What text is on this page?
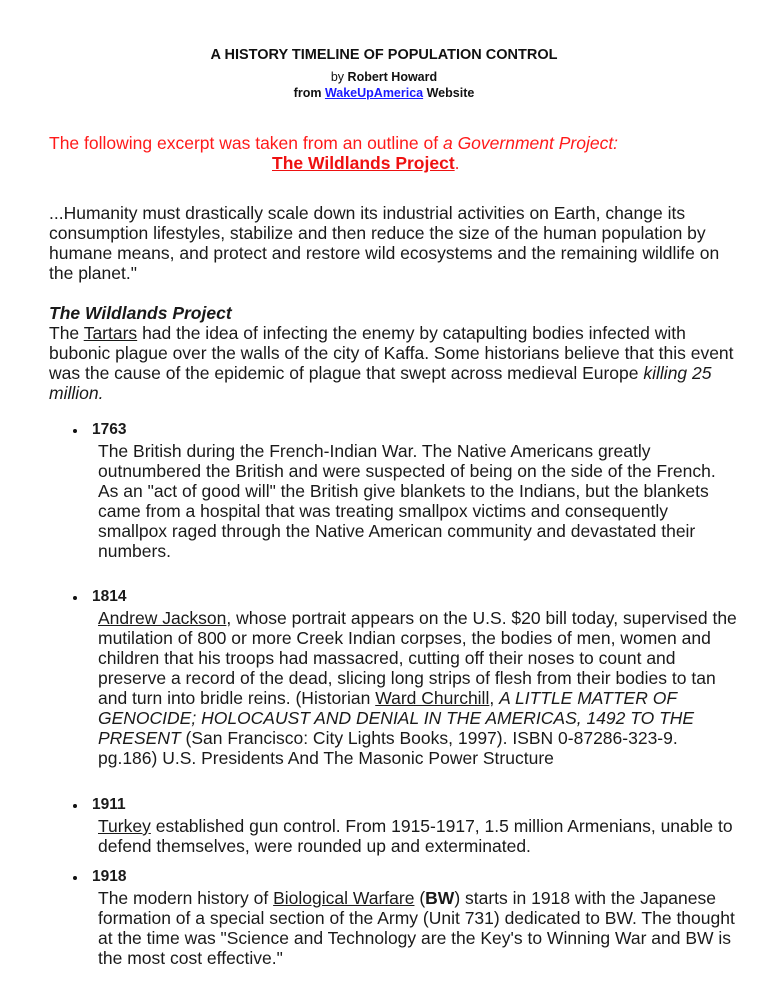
A HISTORY TIMELINE OF POPULATION CONTROL
by Robert Howard
from WakeUpAmerica Website
The following excerpt was taken from an outline of a Government Project:
The Wildlands Project.
...Humanity must drastically scale down its industrial activities on Earth, change its consumption lifestyles, stabilize and then reduce the size of the human population by humane means, and protect and restore wild ecosystems and the remaining wildlife on the planet."
The Wildlands Project
The Tartars had the idea of infecting the enemy by catapulting bodies infected with bubonic plague over the walls of the city of Kaffa. Some historians believe that this event was the cause of the epidemic of plague that swept across medieval Europe killing 25 million.
1763
The British during the French-Indian War. The Native Americans greatly outnumbered the British and were suspected of being on the side of the French. As an "act of good will" the British give blankets to the Indians, but the blankets came from a hospital that was treating smallpox victims and consequently smallpox raged through the Native American community and devastated their numbers.
1814
Andrew Jackson, whose portrait appears on the U.S. $20 bill today, supervised the mutilation of 800 or more Creek Indian corpses, the bodies of men, women and children that his troops had massacred, cutting off their noses to count and preserve a record of the dead, slicing long strips of flesh from their bodies to tan and turn into bridle reins. (Historian Ward Churchill, A LITTLE MATTER OF GENOCIDE; HOLOCAUST AND DENIAL IN THE AMERICAS, 1492 TO THE PRESENT (San Francisco: City Lights Books, 1997). ISBN 0-87286-323-9. pg.186) U.S. Presidents And The Masonic Power Structure
1911
Turkey established gun control. From 1915-1917, 1.5 million Armenians, unable to defend themselves, were rounded up and exterminated.
1918
The modern history of Biological Warfare (BW) starts in 1918 with the Japanese formation of a special section of the Army (Unit 731) dedicated to BW. The thought at the time was "Science and Technology are the Key's to Winning War and BW is the most cost effective."
